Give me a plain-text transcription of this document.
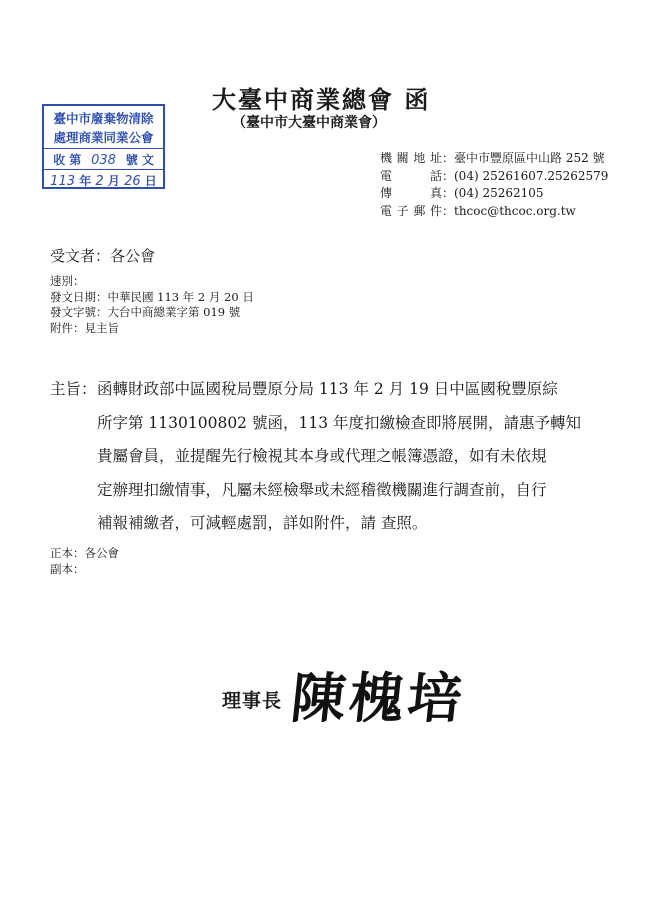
大臺中商業總會 函
（臺中市大臺中商業會）
臺中市廢棄物清除
處理商業同業公會
收 第 038 號 文
113 年 2 月 26 日
機關地址：臺中市豐原區中山路 252 號
電　　話：(04) 25261607.25262579
傳　　真：(04) 25262105
電子郵件：thcoc@thcoc.org.tw
受文者：各公會
速別：
發文日期：中華民國 113 年 2 月 20 日
發文字號：大台中商總業字第 019 號
附件：見主旨
主旨： 函轉財政部中區國稅局豐原分局 113 年 2 月 19 日中區國稅豐原綜
所字第 1130100802 號函，113 年度扣繳檢查即將展開，請惠予轉知
貴屬會員，並提醒先行檢視其本身或代理之帳簿憑證，如有未依規
定辦理扣繳情事，凡屬未經檢舉或未經稽徵機關進行調查前，自行
補報補繳者，可減輕處罰，詳如附件，請 查照。
正本：各公會
副本：
理事長 陳槐培
